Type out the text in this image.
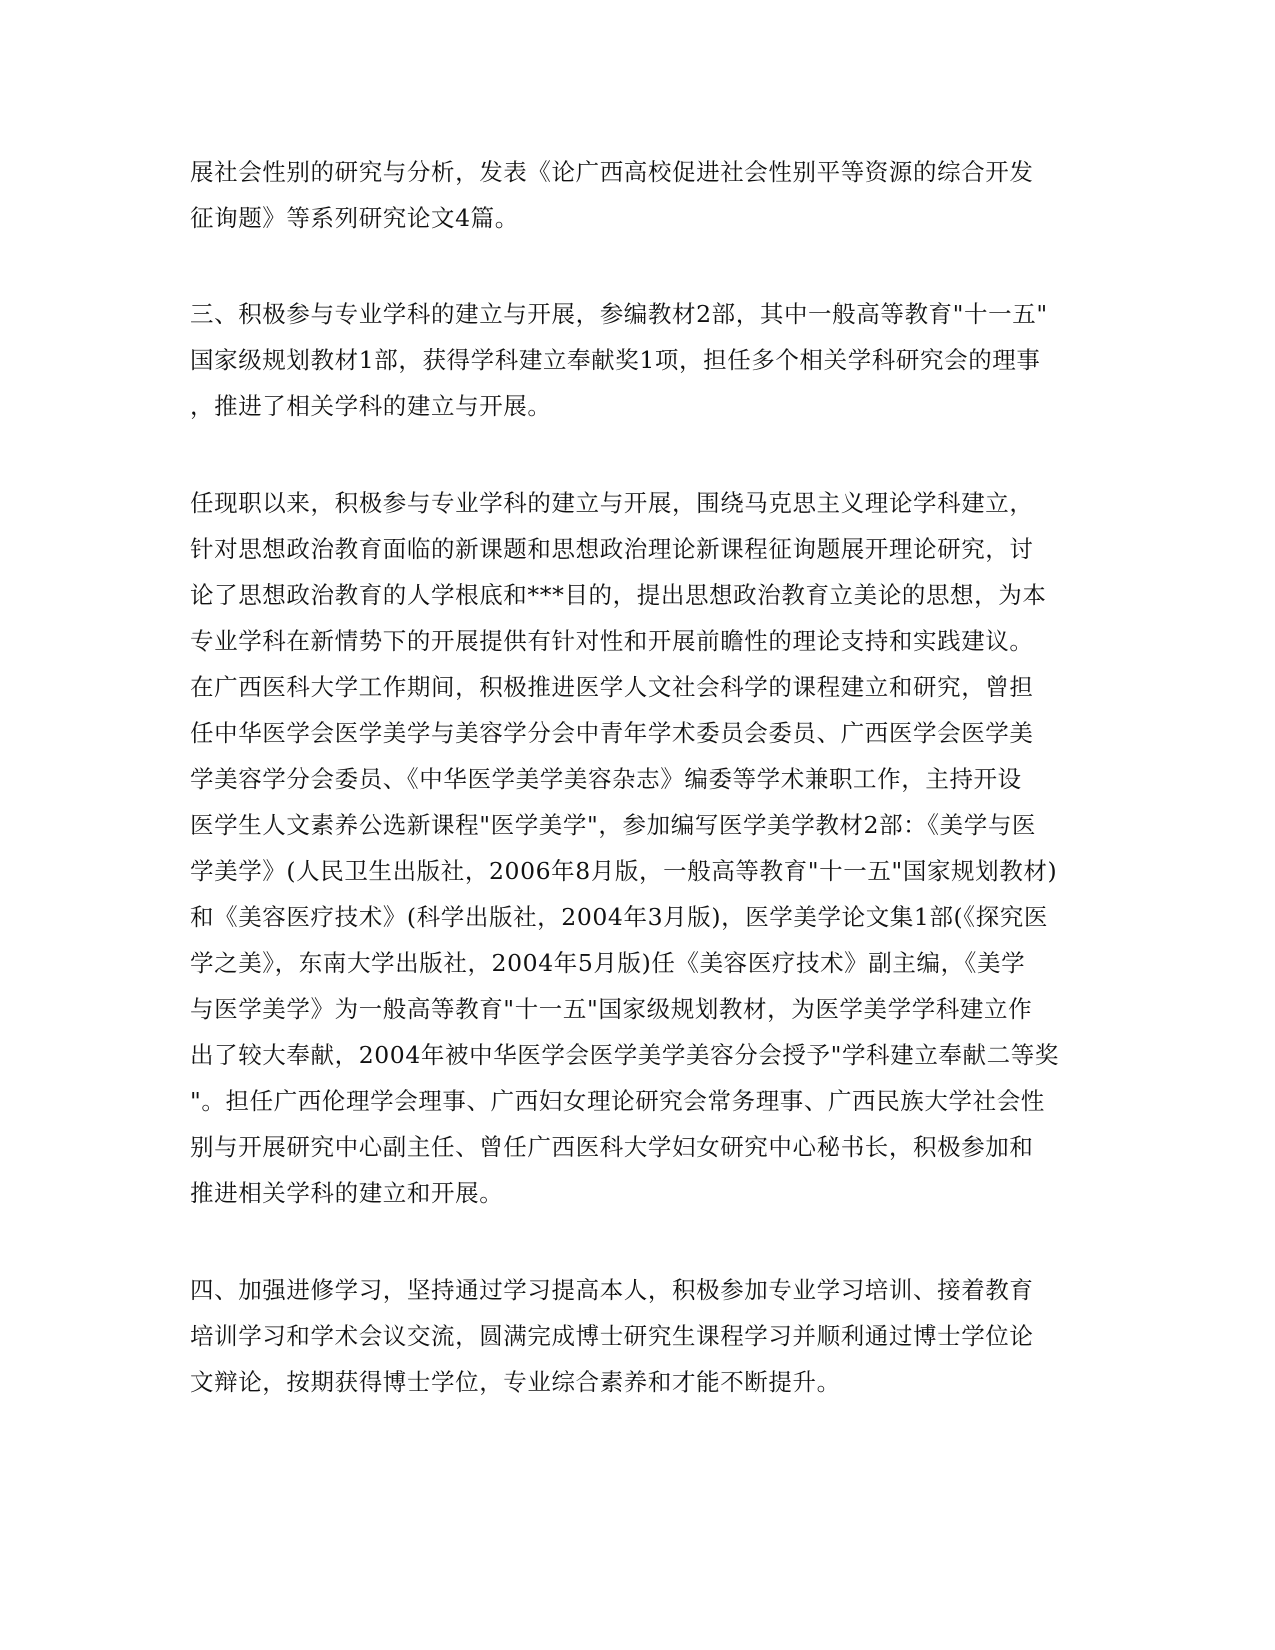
展社会性别的研究与分析，发表《论广西高校促进社会性别平等资源的综合开发
征询题》等系列研究论文4篇。
三、积极参与专业学科的建立与开展，参编教材2部，其中一般高等教育"十一五"
国家级规划教材1部，获得学科建立奉献奖1项，担任多个相关学科研究会的理事
，推进了相关学科的建立与开展。
任现职以来，积极参与专业学科的建立与开展，围绕马克思主义理论学科建立，
针对思想政治教育面临的新课题和思想政治理论新课程征询题展开理论研究，讨
论了思想政治教育的人学根底和***目的，提出思想政治教育立美论的思想，为本
专业学科在新情势下的开展提供有针对性和开展前瞻性的理论支持和实践建议。
在广西医科大学工作期间，积极推进医学人文社会科学的课程建立和研究，曾担
任中华医学会医学美学与美容学分会中青年学术委员会委员、广西医学会医学美
学美容学分会委员、《中华医学美学美容杂志》编委等学术兼职工作，主持开设
医学生人文素养公选新课程"医学美学"，参加编写医学美学教材2部：《美学与医
学美学》(人民卫生出版社，2006年8月版，一般高等教育"十一五"国家规划教材)
和《美容医疗技术》(科学出版社，2004年3月版)，医学美学论文集1部(《探究医
学之美》，东南大学出版社，2004年5月版)任《美容医疗技术》副主编，《美学
与医学美学》为一般高等教育"十一五"国家级规划教材，为医学美学学科建立作
出了较大奉献，2004年被中华医学会医学美学美容分会授予"学科建立奉献二等奖
"。担任广西伦理学会理事、广西妇女理论研究会常务理事、广西民族大学社会性
别与开展研究中心副主任、曾任广西医科大学妇女研究中心秘书长，积极参加和
推进相关学科的建立和开展。
四、加强进修学习，坚持通过学习提高本人，积极参加专业学习培训、接着教育
培训学习和学术会议交流，圆满完成博士研究生课程学习并顺利通过博士学位论
文辩论，按期获得博士学位，专业综合素养和才能不断提升。
